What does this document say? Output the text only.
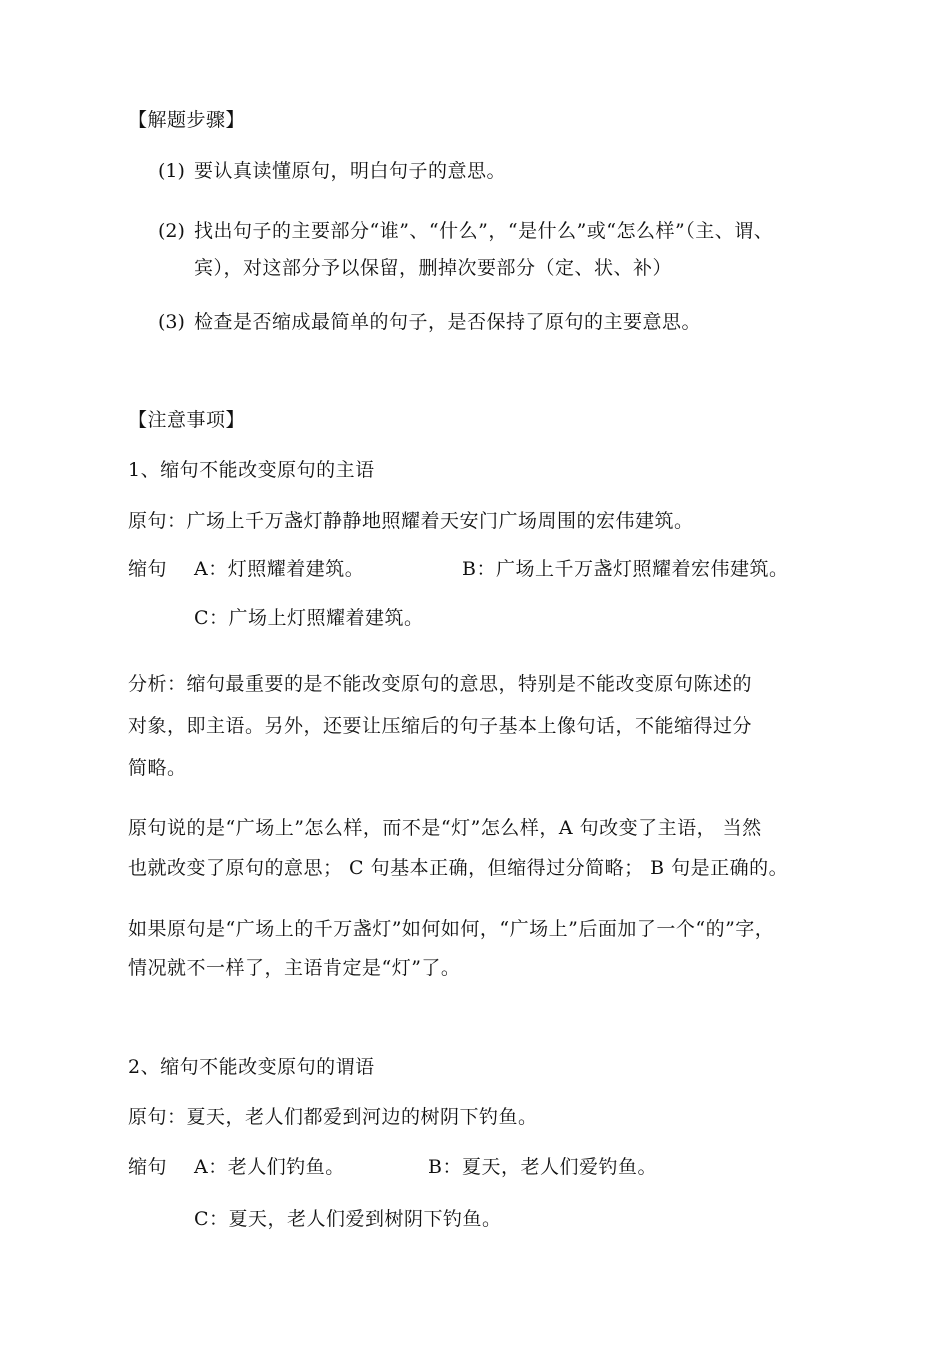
【解题步骤】
(1) 要认真读懂原句，明白句子的意思。
(2) 找出句子的主要部分“谁”、“什么”，“是什么”或“怎么样”（主、谓、
宾），对这部分予以保留，删掉次要部分（定、状、补）
(3) 检查是否缩成最简单的句子，是否保持了原句的主要意思。
【注意事项】
1、缩句不能改变原句的主语
原句：广场上千万盏灯静静地照耀着天安门广场周围的宏伟建筑。
缩句 A：灯照耀着建筑。	B：广场上千万盏灯照耀着宏伟建筑。
C：广场上灯照耀着建筑。
分析：缩句最重要的是不能改变原句的意思，特别是不能改变原句陈述的
对象，即主语。另外，还要让压缩后的句子基本上像句话，不能缩得过分
简略。
原句说的是“广场上”怎么样，而不是“灯”怎么样，A 句改变了主语， 当然
也就改变了原句的意思； C 句基本正确，但缩得过分简略； B 句是正确的。
如果原句是“广场上的千万盏灯”如何如何，“广场上”后面加了一个“的”字，
情况就不一样了，主语肯定是“灯”了。
2、缩句不能改变原句的谓语
原句：夏天，老人们都爱到河边的树阴下钓鱼。
缩句 A：老人们钓鱼。	B：夏天，老人们爱钓鱼。
C：夏天，老人们爱到树阴下钓鱼。
